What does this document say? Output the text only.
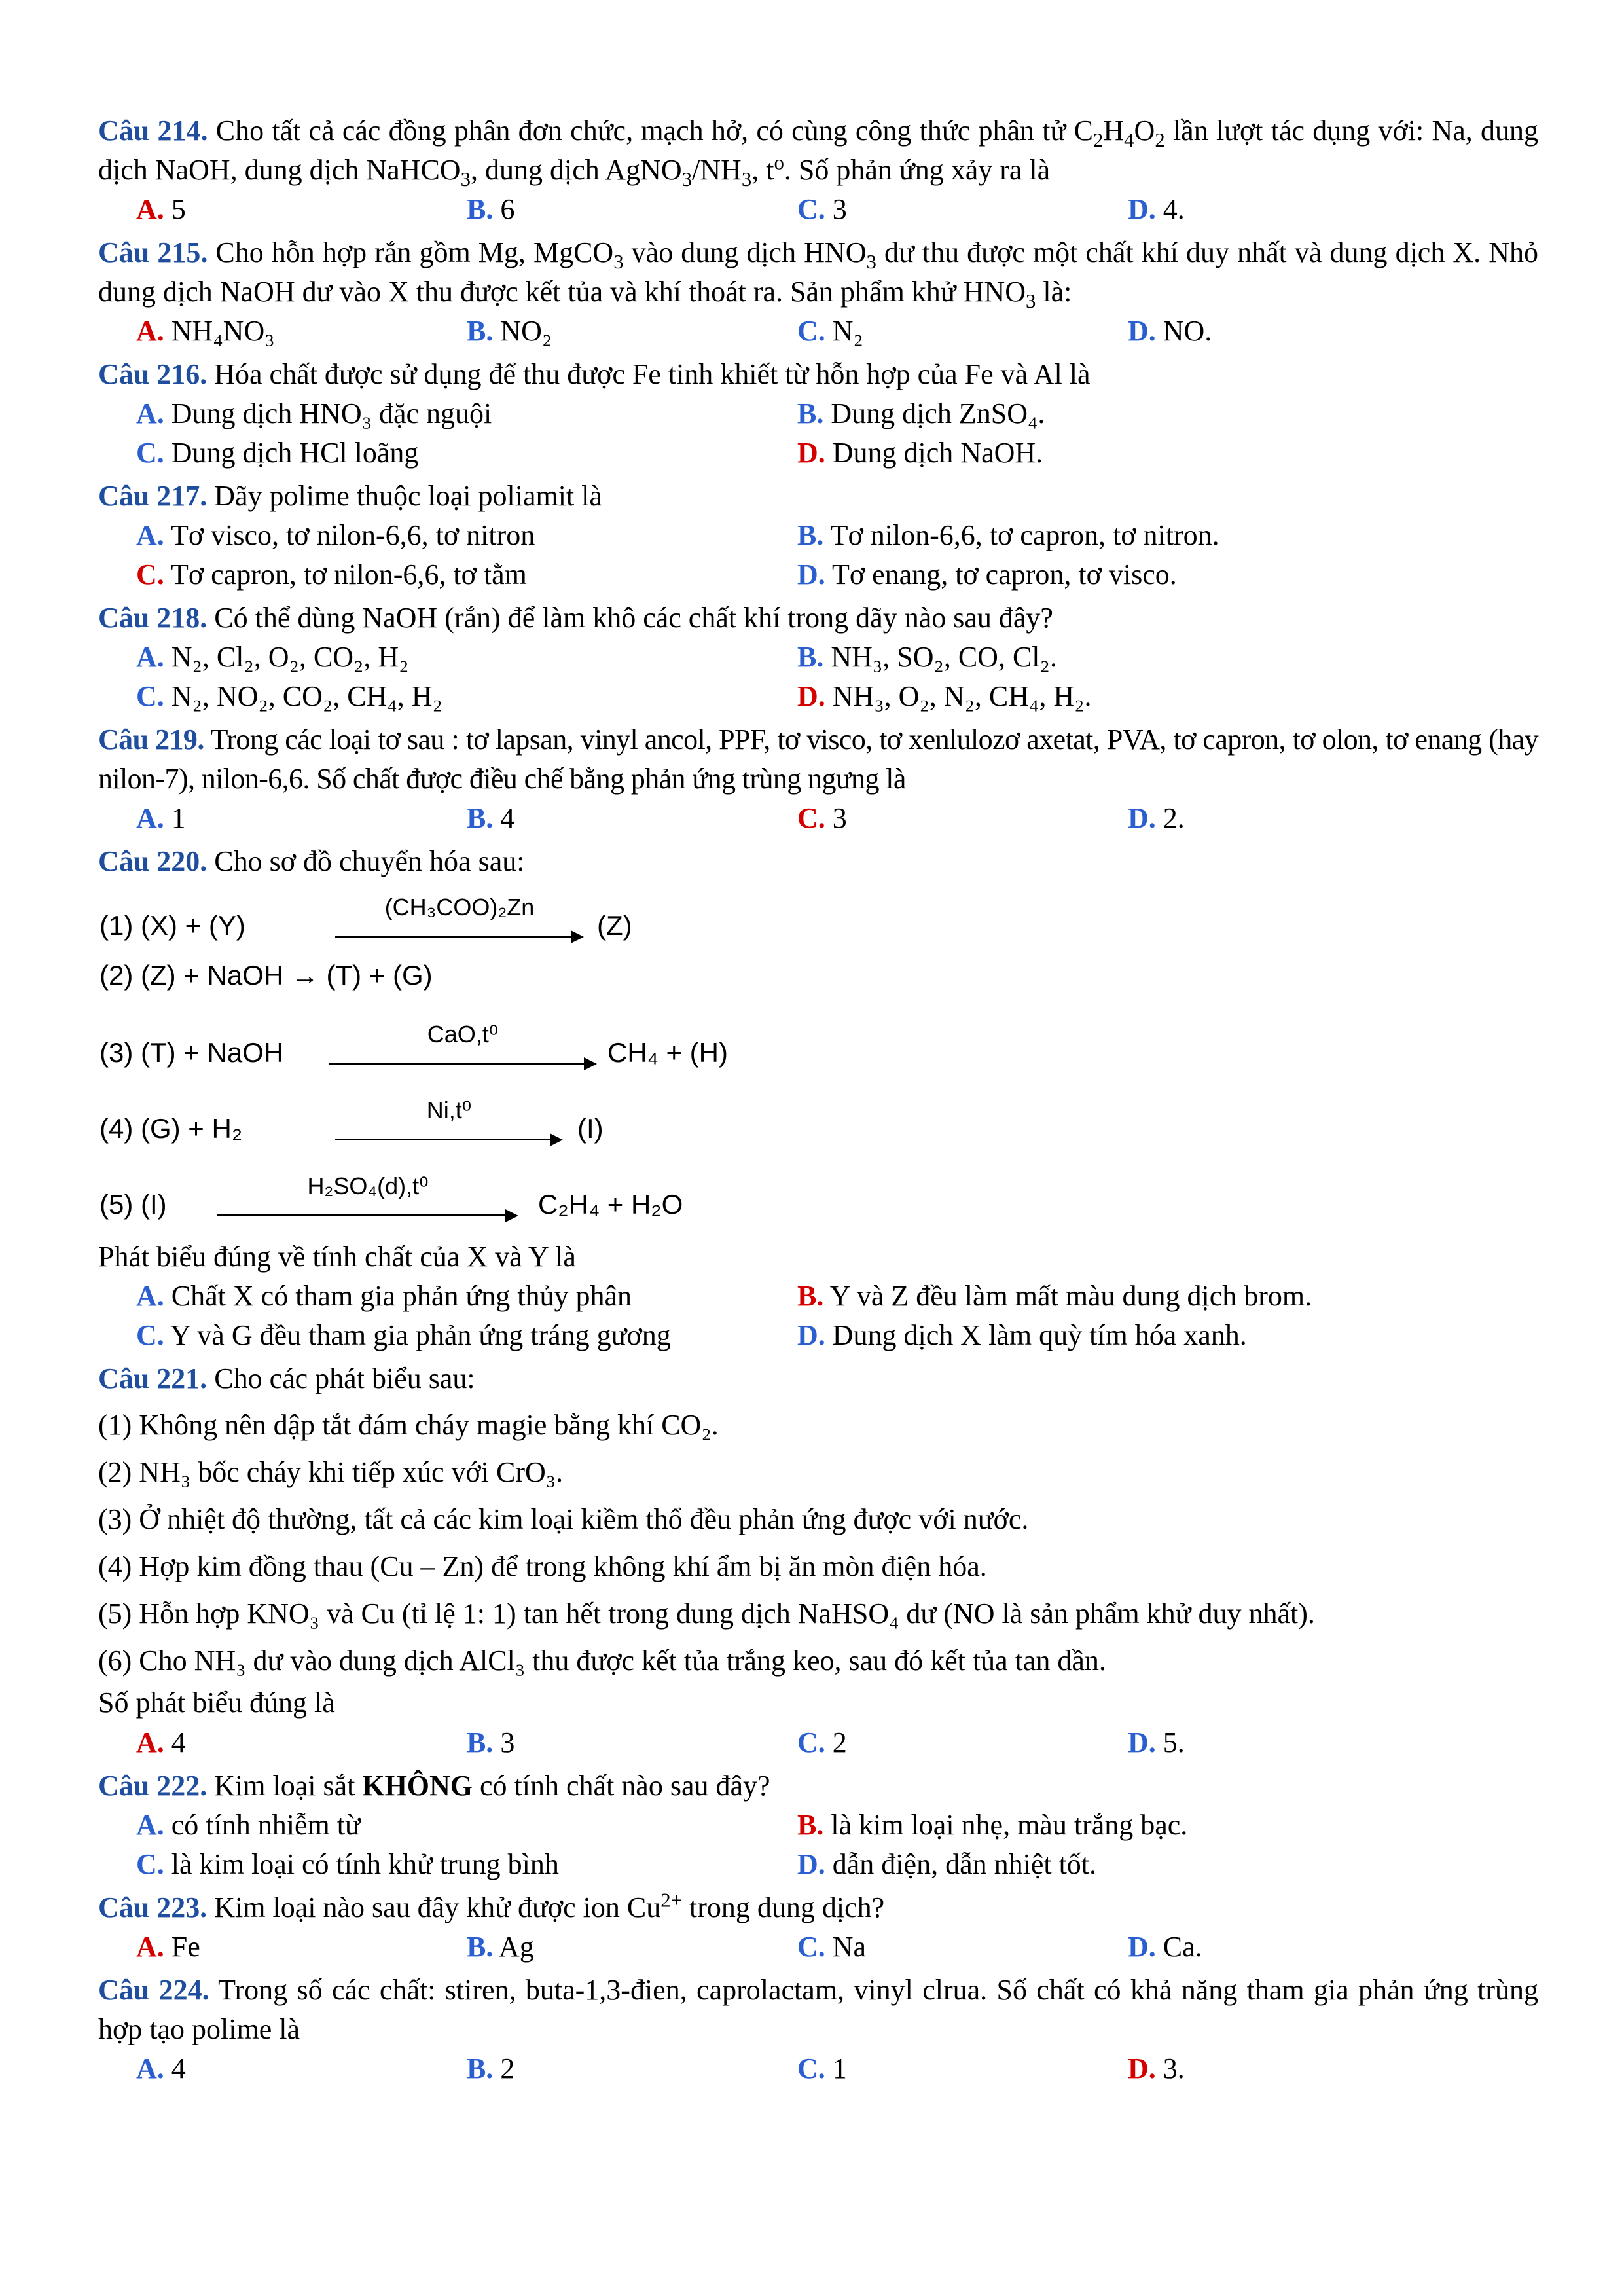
Câu 214. Cho tất cả các đồng phân đơn chức, mạch hở, có cùng công thức phân tử $C_2H_4O_2$ lần lượt tác dụng với: Na, dung dịch NaOH, dung dịch NaHCO$_3$, dung dịch $AgNO_3/NH_3$, $t^o$. Số phản ứng xảy ra là
A. 5	B. 6	C. 3	D. 4.
Câu 215. Cho hỗn hợp rắn gồm Mg, MgCO$_3$ vào dung dịch $HNO_3$ dư thu được một chất khí duy nhất và dung dịch X. Nhỏ dung dịch NaOH dư vào X thu được kết tủa và khí thoát ra. Sản phẩm khử $HNO_3$ là:
A. NH₄NO₃	B. NO₂	C. N₂	D. NO.
Câu 216. Hóa chất được sử dụng để thu được Fe tinh khiết từ hỗn hợp của Fe và Al là
A. Dung dịch HNO₃ đặc nguội	B. Dung dịch ZnSO₄.
C. Dung dịch HCl loãng	D. Dung dịch NaOH.
Câu 217. Dãy polime thuộc loại poliamit là
A. Tơ visco, tơ nilon-6,6, tơ nitron	B. Tơ nilon-6,6, tơ capron, tơ nitron.
C. Tơ capron, tơ nilon-6,6, tơ tằm	D. Tơ enang, tơ capron, tơ visco.
Câu 218. Có thể dùng NaOH (rắn) để làm khô các chất khí trong dãy nào sau đây?
A. N₂, Cl₂, O₂, CO₂, H₂	B. NH₃, SO₂, CO, Cl₂.
C. N₂, NO₂, CO₂, CH₄, H₂	D. NH₃, O₂, N₂, CH₄, H₂.
Câu 219. Trong các loại tơ sau : tơ lapsan, vinyl ancol, PPF, tơ visco, tơ xenlulozơ axetat, PVA, tơ capron, tơ olon, tơ enang (hay nilon-7), nilon-6,6. Số chất được điều chế bằng phản ứng trùng ngưng là
A. 1	B. 4	C. 3	D. 2.
Câu 220. Cho sơ đồ chuyển hóa sau:
(1) (X) + (Y)
(CH₃COO)₂Zn
(Z)
(2) (Z) + NaOH → (T) + (G)
(3) (T) + NaOH
CaO,t⁰
CH₄ + (H)
(4) (G) + H₂
Ni,t⁰
(I)
(5) (I)
H₂SO₄(d),t⁰
C₂H₄ + H₂O
Phát biểu đúng về tính chất của X và Y là
A. Chất X có tham gia phản ứng thủy phân	B. Y và Z đều làm mất màu dung dịch brom.
C. Y và G đều tham gia phản ứng tráng gương	D. Dung dịch X làm quỳ tím hóa xanh.
Câu 221. Cho các phát biểu sau:
(1) Không nên dập tắt đám cháy magie bằng khí CO₂.
(2) NH₃ bốc cháy khi tiếp xúc với CrO₃.
(3) Ở nhiệt độ thường, tất cả các kim loại kiềm thổ đều phản ứng được với nước.
(4) Hợp kim đồng thau (Cu – Zn) để trong không khí ẩm bị ăn mòn điện hóa.
(5) Hỗn hợp KNO₃ và Cu (tỉ lệ 1: 1) tan hết trong dung dịch NaHSO₄ dư (NO là sản phẩm khử duy nhất).
(6) Cho NH₃ dư vào dung dịch AlCl₃ thu được kết tủa trắng keo, sau đó kết tủa tan dần.
Số phát biểu đúng là
A. 4	B. 3	C. 2	D. 5.
Câu 222. Kim loại sắt KHÔNG có tính chất nào sau đây?
A. có tính nhiễm từ	B. là kim loại nhẹ, màu trắng bạc.
C. là kim loại có tính khử trung bình	D. dẫn điện, dẫn nhiệt tốt.
Câu 223. Kim loại nào sau đây khử được ion $Cu^{2+}$ trong dung dịch?
A. Fe	B. Ag	C. Na	D. Ca.
Câu 224. Trong số các chất: stiren, buta-1,3-đien, caprolactam, vinyl clrua. Số chất có khả năng tham gia phản ứng trùng hợp tạo polime là
A. 4	B. 2	C. 1	D. 3.
